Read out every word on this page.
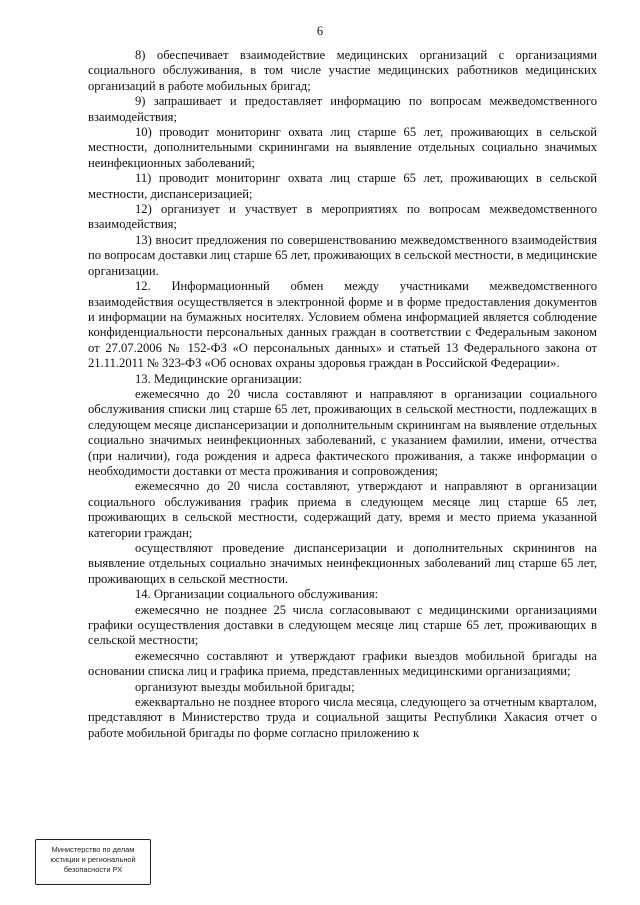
6

8) обеспечивает взаимодействие медицинских организаций с организациями социального обслуживания, в том числе участие медицинских работников медицинских организаций в работе мобильных бригад;

9) запрашивает и предоставляет информацию по вопросам межведомственного взаимодействия;

10) проводит мониторинг охвата лиц старше 65 лет, проживающих в сельской местности, дополнительными скринингами на выявление отдельных социально значимых неинфекционных заболеваний;

11) проводит мониторинг охвата лиц старше 65 лет, проживающих в сельской местности, диспансеризацией;

12) организует и участвует в мероприятиях по вопросам межведомственного взаимодействия;

13) вносит предложения по совершенствованию межведомственного взаимодействия по вопросам доставки лиц старше 65 лет, проживающих в сельской местности, в медицинские организации.

12. Информационный обмен между участниками межведомственного взаимодействия осуществляется в электронной форме и в форме предоставления документов и информации на бумажных носителях. Условием обмена информацией является соблюдение конфиденциальности персональных данных граждан в соответствии с Федеральным законом от 27.07.2006 № 152-ФЗ «О персональных данных» и статьей 13 Федерального закона от 21.11.2011 № 323-ФЗ «Об основах охраны здоровья граждан в Российской Федерации».

13. Медицинские организации:

ежемесячно до 20 числа составляют и направляют в организации социального обслуживания списки лиц старше 65 лет, проживающих в сельской местности, подлежащих в следующем месяце диспансеризации и дополнительным скринингам на выявление отдельных социально значимых неинфекционных заболеваний, с указанием фамилии, имени, отчества (при наличии), года рождения и адреса фактического проживания, а также информации о необходимости доставки от места проживания и сопровождения;

ежемесячно до 20 числа составляют, утверждают и направляют в организации социального обслуживания график приема в следующем месяце лиц старше 65 лет, проживающих в сельской местности, содержащий дату, время и место приема указанной категории граждан;

осуществляют проведение диспансеризации и дополнительных скринингов на выявление отдельных социально значимых неинфекционных заболеваний лиц старше 65 лет, проживающих в сельской местности.

14. Организации социального обслуживания:

ежемесячно не позднее 25 числа согласовывают с медицинскими организациями графики осуществления доставки в следующем месяце лиц старше 65 лет, проживающих в сельской местности;

ежемесячно составляют и утверждают графики выездов мобильной бригады на основании списка лиц и графика приема, представленных медицинскими организациями;

организуют выезды мобильной бригады;

ежеквартально не позднее второго числа месяца, следующего за отчетным кварталом, представляют в Министерство труда и социальной защиты Республики Хакасия отчет о работе мобильной бригады по форме согласно приложению к

Министерство по делам
юстиции и региональной
безопасности РХ
